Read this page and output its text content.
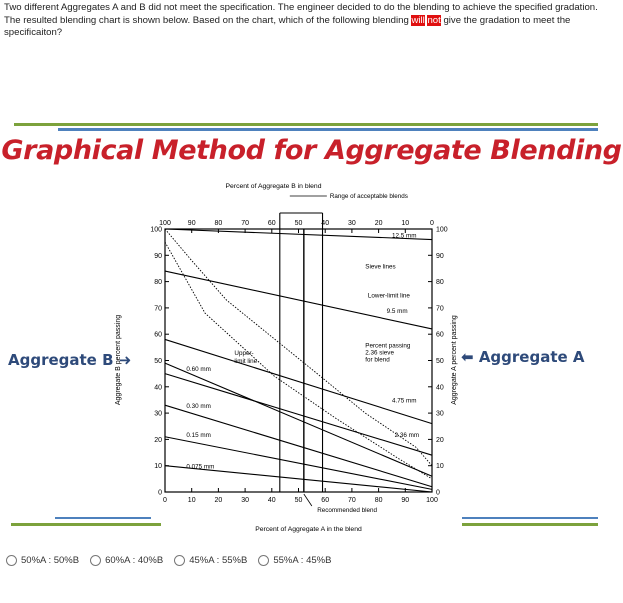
Two different Aggregates A and B did not meet the specification. The engineer decided to do the blending to achieve the specified gradation. The resulted blending chart is shown below. Based on the chart, which of the following blending will not give the gradation to meet the specificaiton?
Graphical Method for Aggregate Blending
0	10	20	30	40	50	60	70	80	90 100
100 90	80	70	60	50	40	30	20	10	0
100
90
80
70
60
50
40
30
20
10
0
100
90
80
70
60
50
40
30
20
10
0
12.5 mm
9.5 mm
4.75 mm
2.36 mm
0.60 mm
0.30 mm
0.15 mm
0.075 mm
Sieve lines
Lower-limit line
Upper-
limit line
Percent passing
2.36 sieve
for blend
Recommended blend
Percent of Aggregate B in blend
Range of acceptable blends
Percent of Aggregate A in the blend
Aggregate B percent passing	Aggregate A percent passing
Aggregate B ➜	⬅ Aggregate A
50%A : 50%B	60%A : 40%B	45%A : 55%B	55%A : 45%B
